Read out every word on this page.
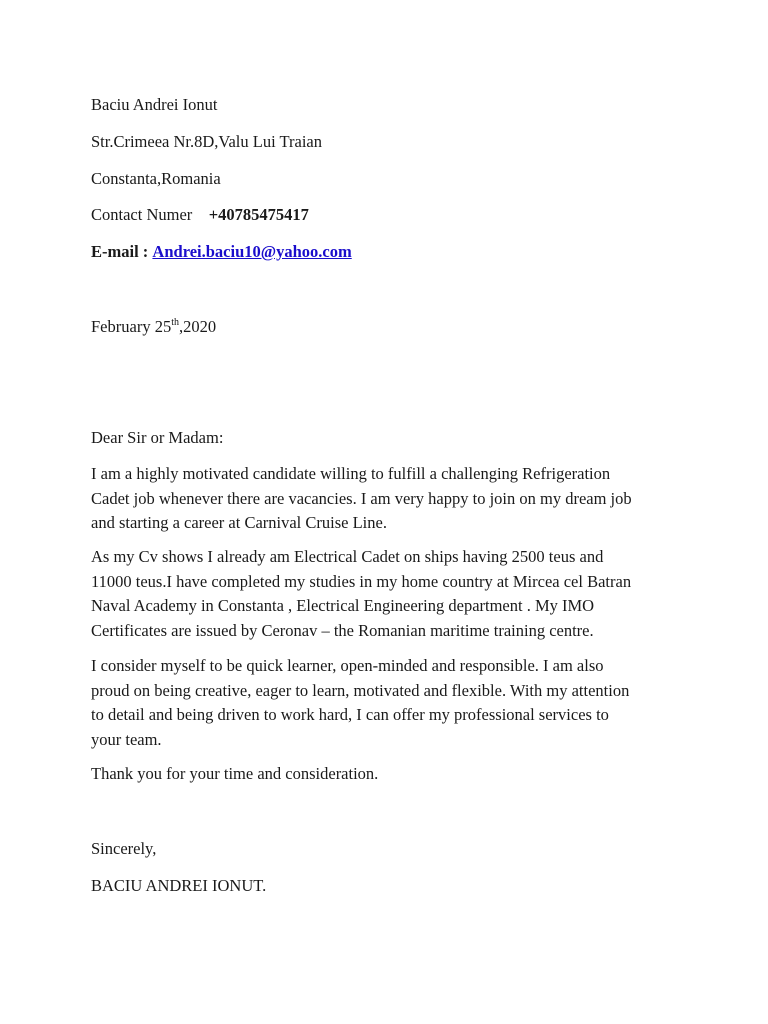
Baciu Andrei Ionut

Str.Crimeea Nr.8D,Valu Lui Traian

Constanta,Romania

Contact Numer +40785475417

E-mail : Andrei.baciu10@yahoo.com

February 25th,2020

Dear Sir or Madam:

I am a highly motivated candidate willing to fulfill a challenging Refrigeration
Cadet job whenever there are vacancies. I am very happy to join on my dream job
and starting a career at Carnival Cruise Line.
As my Cv shows I already am Electrical Cadet on ships having 2500 teus and
11000 teus.I have completed my studies in my home country at Mircea cel Batran
Naval Academy in Constanta , Electrical Engineering department . My IMO
Certificates are issued by Ceronav – the Romanian maritime training centre.
I consider myself to be quick learner, open-minded and responsible. I am also
proud on being creative, eager to learn, motivated and flexible. With my attention
to detail and being driven to work hard, I can offer my professional services to
your team.

Thank you for your time and consideration.

Sincerely,

BACIU ANDREI IONUT.
